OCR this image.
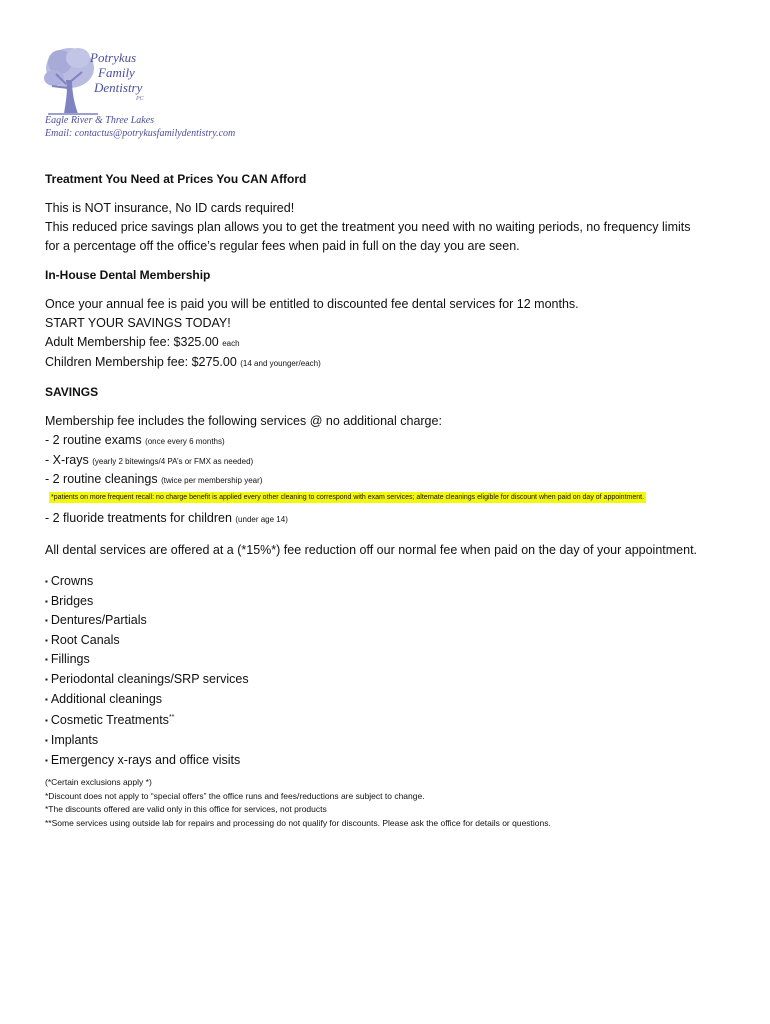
Potrykus
Family
Dentistry
PC
Eagle River & Three Lakes
Email: contactus@potrykusfamilydentistry.com
Treatment You Need at Prices You CAN Afford
This is NOT insurance, No ID cards required!
This reduced price savings plan allows you to get the treatment you need with no waiting periods, no frequency limits
for a percentage off the office’s regular fees when paid in full on the day you are seen.
In-House Dental Membership
Once your annual fee is paid you will be entitled to discounted fee dental services for 12 months.
START YOUR SAVINGS TODAY!
Adult Membership fee: $325.00 each
Children Membership fee: $275.00 (14 and younger/each)
SAVINGS
Membership fee includes the following services @ no additional charge:
- 2 routine exams (once every 6 months)
- X-rays (yearly 2 bitewings/4 PA’s or FMX as needed)
- 2 routine cleanings (twice per membership year)
*patients on more frequent recall: no charge benefit is applied every other cleaning to correspond with exam services; alternate cleanings eligible for discount when paid on day of appointment.
- 2 fluoride treatments for children (under age 14)
All dental services are offered at a (*15%*) fee reduction off our normal fee when paid on the day of your appointment.
▪ Crowns
▪ Bridges
▪ Dentures/Partials
▪ Root Canals
▪ Fillings
▪ Periodontal cleanings/SRP services
▪ Additional cleanings
▪ Cosmetic Treatments**
▪ Implants
▪ Emergency x-rays and office visits
(*Certain exclusions apply *)
*Discount does not apply to “special offers” the office runs and fees/reductions are subject to change.
*The discounts offered are valid only in this office for services, not products
**Some services using outside lab for repairs and processing do not qualify for discounts. Please ask the office for details or questions.
